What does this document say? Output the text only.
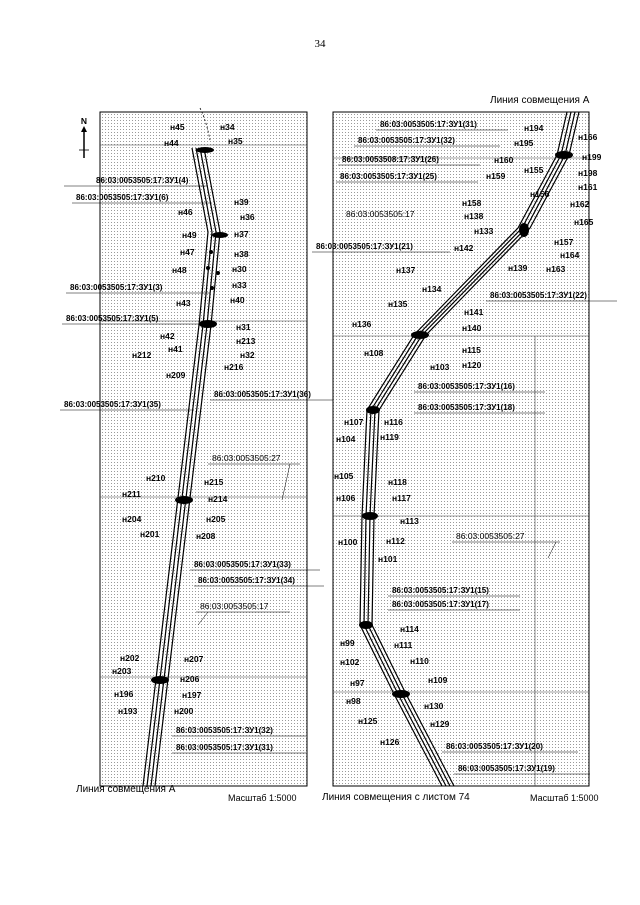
34
N
86:03:0053505:27
86:03:0053505:17
86:03:0053505:17:ЗУ1(4)
86:03:0053505:17:ЗУ1(6)
86:03:0053505:17:ЗУ1(3)
86:03:0053505:17:ЗУ1(5)
86:03:0053505:17:ЗУ1(36)
86:03:0053505:17:ЗУ1(35)
86:03:0053505:17:ЗУ1(33)
86:03:0053505:17:ЗУ1(34)
86:03:0053505:17:ЗУ1(32)
86:03:0053505:17:ЗУ1(31)
н45	н34
н44	н35
н39
н46	н36
н49	н37
н47	н38
н48	н30
н33
н40
н43
н31
н42	н213
н41
н32
н212
н216
н209
н210	н215
н211	н214
н204	н205
н201	н208
н202	н207
н203
н206
н196	н197
н193	н200
86:03:0053505:17
86:03:0053505:27
86:03:0053505:17:ЗУ1(31)
86:03:0053505:17:ЗУ1(32)
86:03:0053508:17:ЗУ1(26)
86:03:0053505:17:ЗУ1(25)
86:03:0053505:17:ЗУ1(21)
86:03:0053505:17:ЗУ1(22)
86:03:0053505:17:ЗУ1(16)
86:03:0053505:17:ЗУ1(18)
86:03:0053505:17:ЗУ1(15)
86:03:0053505:17:ЗУ1(17)
86:03:0053505:17:ЗУ1(20)
86:03:0053505:17:ЗУ1(19)
н194
н166
н195
н199
н160
н155	н198
н159
н161
н156
н162
н158
н165
н138
н133
н157
н142
н164
н139 н163
н137
н134
н135
н141
н136	н140
н115
н108
н103 н120
н107 н116
н104	н119
н105
н118
н106	н117
н113
н100	н112
н101
н114
н99	н111
н102	н110
н97	н109
н98	н130
н125	н129
н126
Линия совмещения А
Линия совмещения А
Масштаб 1:5000	Линия совмещения с листом 74	Масштаб 1:5000
